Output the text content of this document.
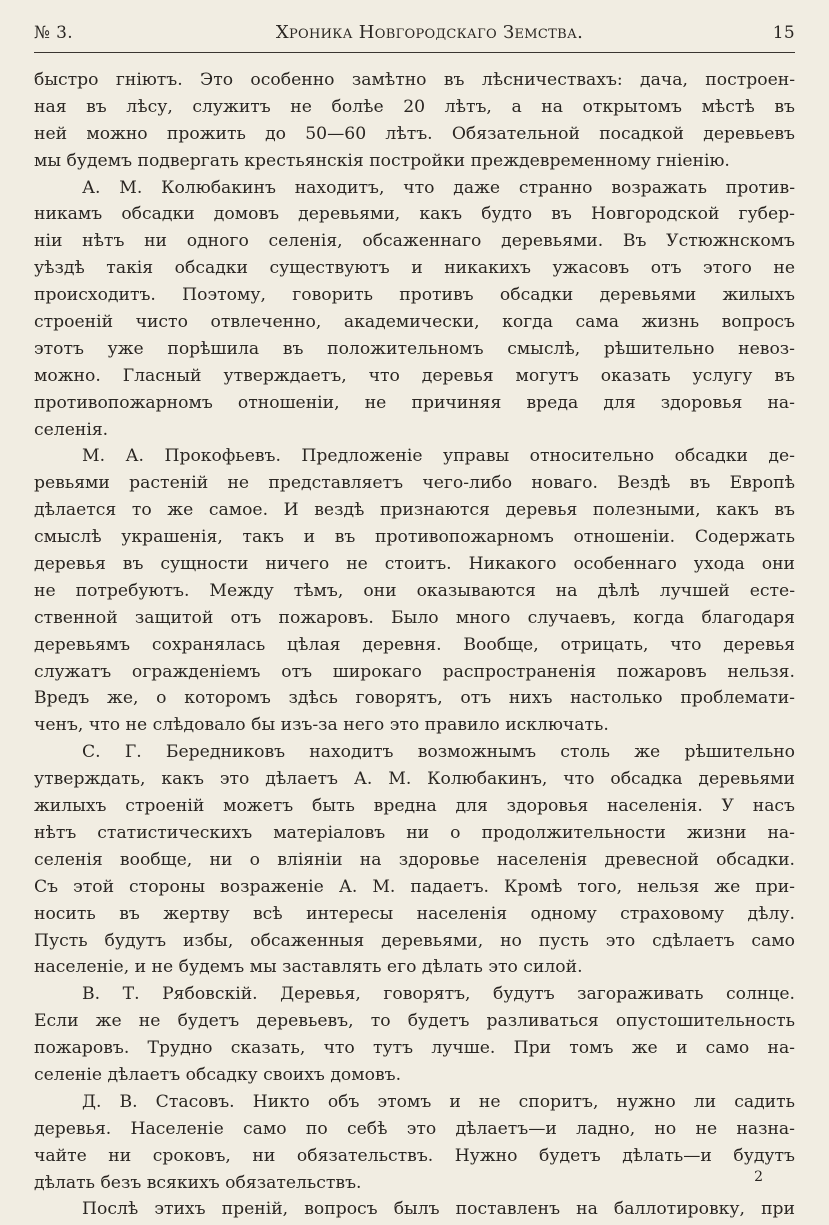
№ 3.	Хроника Новгородскаго Земства.	15
быстро гніютъ. Это особенно замѣтно въ лѣсничествахъ: дача, построен-
ная въ лѣсу, служитъ не болѣе 20 лѣтъ, а на открытомъ мѣстѣ въ
ней можно прожить до 50—60 лѣтъ. Обязательной посадкой деревьевъ
мы будемъ подвергать крестьянскія постройки преждевременному гніенію.
А. М. Колюбакинъ находитъ, что даже странно возражать против-
никамъ обсадки домовъ деревьями, какъ будто въ Новгородской губер-
ніи нѣтъ ни одного селенія, обсаженнаго деревьями. Въ Устюжнскомъ
уѣздѣ такія обсадки существуютъ и никакихъ ужасовъ отъ этого не
происходитъ. Поэтому, говорить противъ обсадки деревьями жилыхъ
строеній чисто отвлеченно, академически, когда сама жизнь вопросъ
этотъ уже порѣшила въ положительномъ смыслѣ, рѣшительно невоз-
можно. Гласный утверждаетъ, что деревья могутъ оказать услугу въ
противопожарномъ отношеніи, не причиняя вреда для здоровья на-
селенія.
М. А. Прокофьевъ. Предложеніе управы относительно обсадки де-
ревьями растеній не представляетъ чего-либо новаго. Вездѣ въ Европѣ
дѣлается то же самое. И вездѣ признаются деревья полезными, какъ въ
смыслѣ украшенія, такъ и въ противопожарномъ отношеніи. Содержать
деревья въ сущности ничего не стоитъ. Никакого особеннаго ухода они
не потребуютъ. Между тѣмъ, они оказываются на дѣлѣ лучшей есте-
ственной защитой отъ пожаровъ. Было много случаевъ, когда благодаря
деревьямъ сохранялась цѣлая деревня. Вообще, отрицать, что деревья
служатъ огражденіемъ отъ широкаго распространенія пожаровъ нельзя.
Вредъ же, о которомъ здѣсь говорятъ, отъ нихъ настолько проблемати-
ченъ, что не слѣдовало бы изъ-за него это правило исключать.
С. Г. Бередниковъ находитъ возможнымъ столь же рѣшительно
утверждать, какъ это дѣлаетъ А. М. Колюбакинъ, что обсадка деревьями
жилыхъ строеній можетъ быть вредна для здоровья населенія. У насъ
нѣтъ статистическихъ матеріаловъ ни о продолжительности жизни на-
селенія вообще, ни о вліяніи на здоровье населенія древесной обсадки.
Съ этой стороны возраженіе А. М. падаетъ. Кромѣ того, нельзя же при-
носить въ жертву всѣ интересы населенія одному страховому дѣлу.
Пусть будутъ избы, обсаженныя деревьями, но пусть это сдѣлаетъ само
населеніе, и не будемъ мы заставлять его дѣлать это силой.
В. Т. Рябовскій. Деревья, говорятъ, будутъ загораживать солнце.
Если же не будетъ деревьевъ, то будетъ разливаться опустошительность
пожаровъ. Трудно сказать, что тутъ лучше. При томъ же и само на-
селеніе дѣлаетъ обсадку своихъ домовъ.
Д. В. Стасовъ. Никто объ этомъ и не споритъ, нужно ли садить
деревья. Населеніе само по себѣ это дѣлаетъ—и ладно, но не назна-
чайте ни сроковъ, ни обязательствъ. Нужно будетъ дѣлать—и будутъ
дѣлать безъ всякихъ обязательствъ.
Послѣ этихъ преній, вопросъ былъ поставленъ на баллотировку, при
2
